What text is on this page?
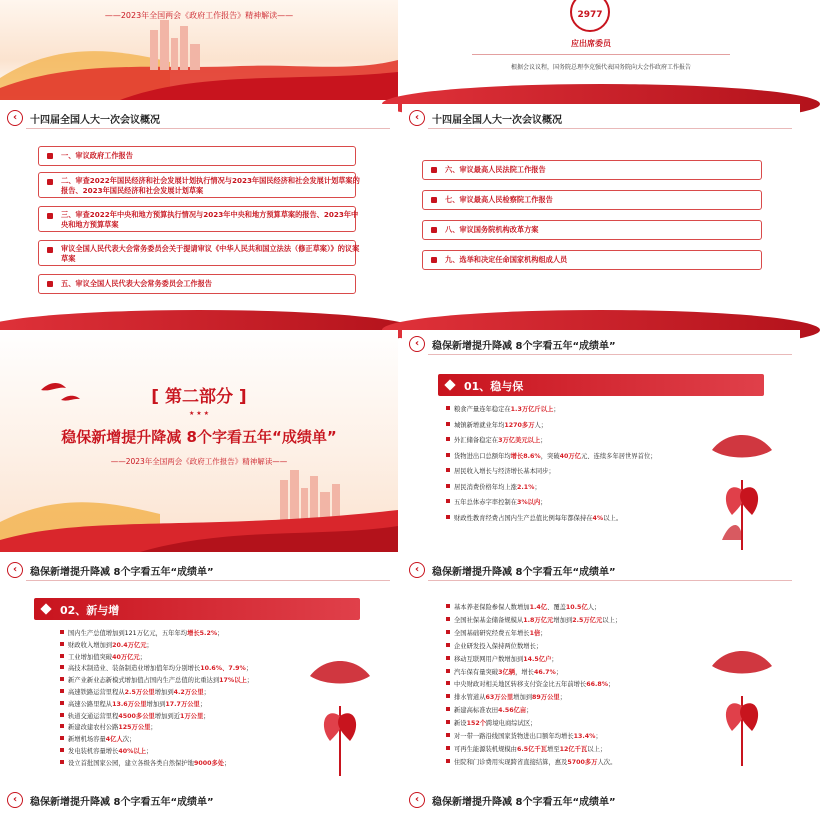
——2023年全国两会《政府工作报告》精神解读——	2977
应出席委员
根据会议议程，国务院总理李克强代表国务院向大会作政府工作报告
‹	十四届全国人大一次会议概况
一、审议政府工作报告
二、审查2022年国民经济和社会发展计划执行情况与2023年国民经济和社会发展计划草案的报告、2023年国民经济和社会发展计划草案
三、审查2022年中央和地方预算执行情况与2023年中央和地方预算草案的报告、2023年中央和地方预算草案
审议全国人民代表大会常务委员会关于提请审议《中华人民共和国立法法（修正草案）》的议案草案
五、审议全国人民代表大会常务委员会工作报告
‹	十四届全国人大一次会议概况
六、审议最高人民法院工作报告
七、审议最高人民检察院工作报告
八、审议国务院机构改革方案
九、选举和决定任命国家机构组成人员
[ 第二部分 ]
★ ★ ★
稳保新增提升降减 8个字看五年“成绩单”
——2023年全国两会《政府工作报告》精神解读——
‹	稳保新增提升降减 8个字看五年“成绩单”
01、稳与保
粮食产量连年稳定在1.3万亿斤以上；
城镇新增就业年均1270多万人；
外汇储备稳定在3万亿美元以上；
货物进出口总额年均增长8.6%，突破40万亿元、连续多年居世界首位；
居民收入增长与经济增长基本同步；
居民消费价格年均上涨2.1%；
五年总体赤字率控制在3%以内；
财政性教育经费占国内生产总值比例每年都保持在4%以上。
‹	稳保新增提升降减 8个字看五年“成绩单”
02、新与增
国内生产总值增加到121万亿元，五年年均增长5.2%；
财政收入增加到20.4万亿元；
工业增加值突破40万亿元；
高技术制造业、装备制造业增加值年均分别增长10.6%、7.9%；
新产业新业态新模式增加值占国内生产总值的比重达到17%以上；
高速铁路运营里程从2.5万公里增加到4.2万公里；
高速公路里程从13.6万公里增加到17.7万公里；
轨道交通运营里程4500多公里增加到近1万公里；
新建改建农村公路125万公里；
新增机场容量4亿人次；
发电装机容量增长40%以上；
设立首批国家公园，建立各级各类自然保护地9000多处；
‹	稳保新增提升降减 8个字看五年“成绩单”
基本养老保险参保人数增加1.4亿、覆盖10.5亿人；
全国社保基金储备规模从1.8万亿元增加到2.5万亿元以上；
全国基础研究经费五年增长1倍；
企业研发投入保持两位数增长；
移动互联网用户数增加到14.5亿户；
汽车保有量突破3亿辆，增长46.7%；
中央财政对相关地区转移支付资金比五年前增长66.8%；
排水管道从63万公里增加到89万公里；
新建高标准农田4.56亿亩；
新设152个跨境电商综试区；
对一带一路沿线国家货物进出口额年均增长13.4%；
可再生能源装机规模由6.5亿千瓦增至12亿千瓦以上；
住院和门诊费用实现跨省直接结算，惠及5700多万人次。
‹	稳保新增提升降减 8个字看五年“成绩单”	‹	稳保新增提升降减 8个字看五年“成绩单”
